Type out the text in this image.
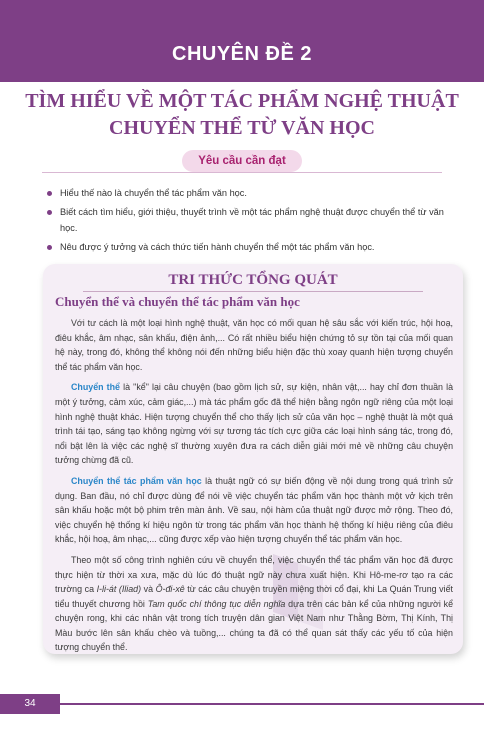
CHUYÊN ĐỀ 2
TÌM HIỂU VỀ MỘT TÁC PHẨM NGHỆ THUẬT
CHUYỂN THỂ TỪ VĂN HỌC
Yêu cầu cần đạt
Hiểu thế nào là chuyển thể tác phẩm văn học.
Biết cách tìm hiểu, giới thiệu, thuyết trình về một tác phẩm nghệ thuật được chuyển thể từ văn học.
Nêu được ý tưởng và cách thức tiến hành chuyển thể một tác phẩm văn học.
TRI THỨC TỔNG QUÁT
Chuyển thể và chuyển thể tác phẩm văn học

Với tư cách là một loại hình nghệ thuật, văn học có mối quan hệ sâu sắc với kiến trúc, hội hoạ, điêu khắc, âm nhạc, sân khấu, điện ảnh,... Có rất nhiều biểu hiện chứng tỏ sự tồn tại của mối quan hệ này, trong đó, không thể không nói đến những biểu hiện đặc thù xoay quanh hiện tượng chuyển thể tác phẩm văn học.

Chuyển thể là "kể" lại câu chuyện (bao gồm lịch sử, sự kiện, nhân vật,... hay chỉ đơn thuần là một ý tưởng, cảm xúc, cảm giác,...) mà tác phẩm gốc đã thể hiện bằng ngôn ngữ riêng của một loại hình nghệ thuật khác. Hiện tượng chuyển thể cho thấy lịch sử của văn học – nghệ thuật là một quá trình tái tạo, sáng tạo không ngừng với sự tương tác tích cực giữa các loại hình sáng tác, trong đó, nổi bật lên là việc các nghệ sĩ thường xuyên đưa ra cách diễn giải mới mẻ về những câu chuyện tưởng chừng đã cũ.

Chuyển thể tác phẩm văn học là thuật ngữ có sự biến động về nội dung trong quá trình sử dụng. Ban đầu, nó chỉ được dùng để nói về việc chuyển tác phẩm văn học thành một vở kịch trên sân khấu hoặc một bộ phim trên màn ảnh. Về sau, nội hàm của thuật ngữ được mở rộng. Theo đó, việc chuyển hệ thống kí hiệu ngôn từ trong tác phẩm văn học thành hệ thống kí hiệu riêng của điêu khắc, hội hoạ, âm nhạc,... cũng được xếp vào hiện tượng chuyển thể tác phẩm văn học.

Theo một số công trình nghiên cứu về chuyển thể, việc chuyển thể tác phẩm văn học đã được thực hiện từ thời xa xưa, mặc dù lúc đó thuật ngữ này chưa xuất hiện. Khi Hô-me-rơ tạo ra các trường ca I-li-át (Iliad) và Ô-đi-xê từ các câu chuyện truyền miệng thời cổ đại, khi La Quán Trung viết tiểu thuyết chương hồi Tam quốc chí thông tục diễn nghĩa dựa trên các bản kể của những người kể chuyện rong, khi các nhân vật trong tích truyện dân gian Việt Nam như Thằng Bờm, Thị Kính, Thị Màu bước lên sân khấu chèo và tuồng,... chúng ta đã có thể quan sát thấy các yếu tố của hiện tượng chuyển thể.

34
